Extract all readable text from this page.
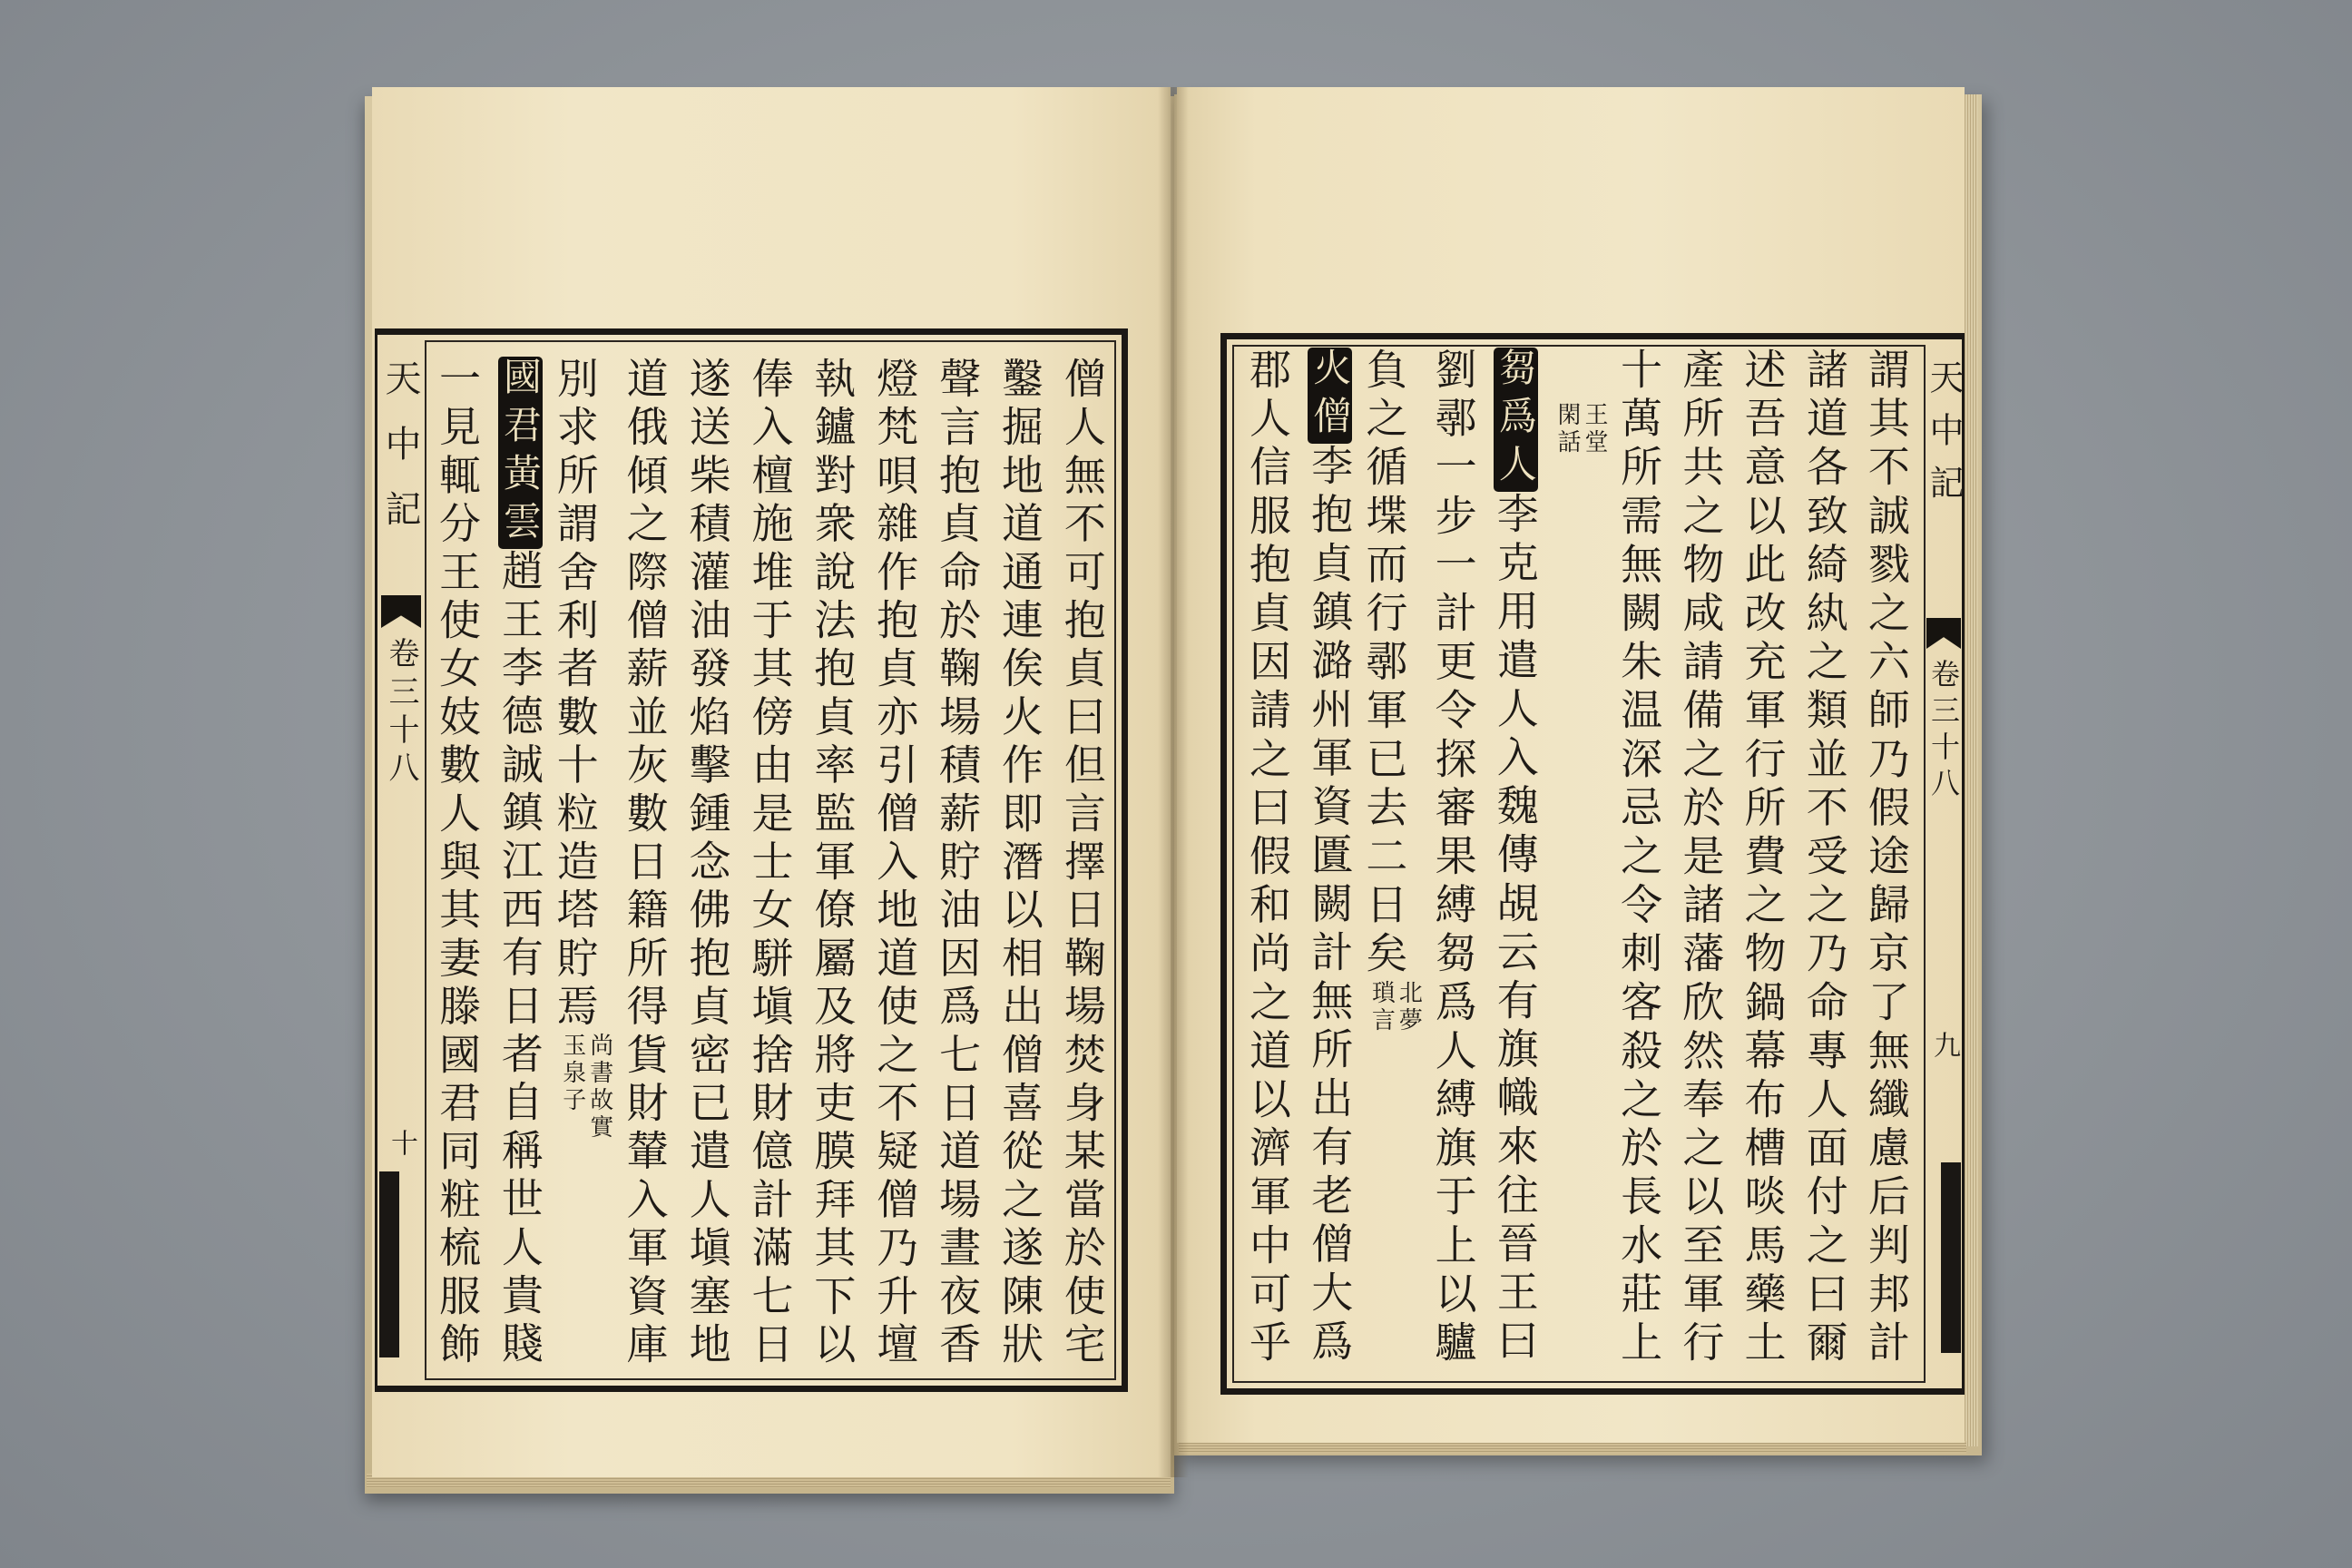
天中記
卷三十八
十	僧人無不可抱貞曰但言擇日鞠場焚身某當於使宅
鑿掘地道通連俟火作即潛以相出僧喜從之遂陳狀
聲言抱貞命於鞠場積薪貯油因爲七日道場晝夜香
燈梵唄雜作抱貞亦引僧入地道使之不疑僧乃升壇
執鑪對衆說法抱貞率監軍僚屬及將吏膜拜其下以
俸入檀施堆于其傍由是士女駢塡捨財億計滿七日
遂送柴積灌油發焰擊鍾念佛抱貞密已遣人塡塞地
道俄傾之際僧薪並灰數日籍所得貨財輦入軍資庫
別求所謂舍利者數十粒造塔貯焉
尚書故實
玉泉子
國君黃雲趙王李德誠鎮江西有日者自稱世人貴賤
一見輒分王使女妓數人與其妻滕國君同粧梳服飾	天中記
卷三十八
九
謂其不誠戮之六師乃假途歸京了無纖慮后判邦計
諸道各致綺紈之類並不受之乃命專人面付之曰爾
述吾意以此改充軍行所費之物鍋幕布槽啖馬藥土
產所共之物咸請備之於是諸藩欣然奉之以至軍行
十萬所需無闕朱温深忌之令刺客殺之於長水莊上
王堂
閑話
芻爲人李克用遣人入魏傳覘云有旗幟來往晉王曰
劉鄩一步一計更令探審果縛芻爲人縛旗于上以驢
負之循堞而行鄩軍已去二日矣
北夢
瑣言
火僧李抱貞鎮潞州軍資匱闕計無所出有老僧大爲
郡人信服抱貞因請之曰假和尚之道以濟軍中可乎
